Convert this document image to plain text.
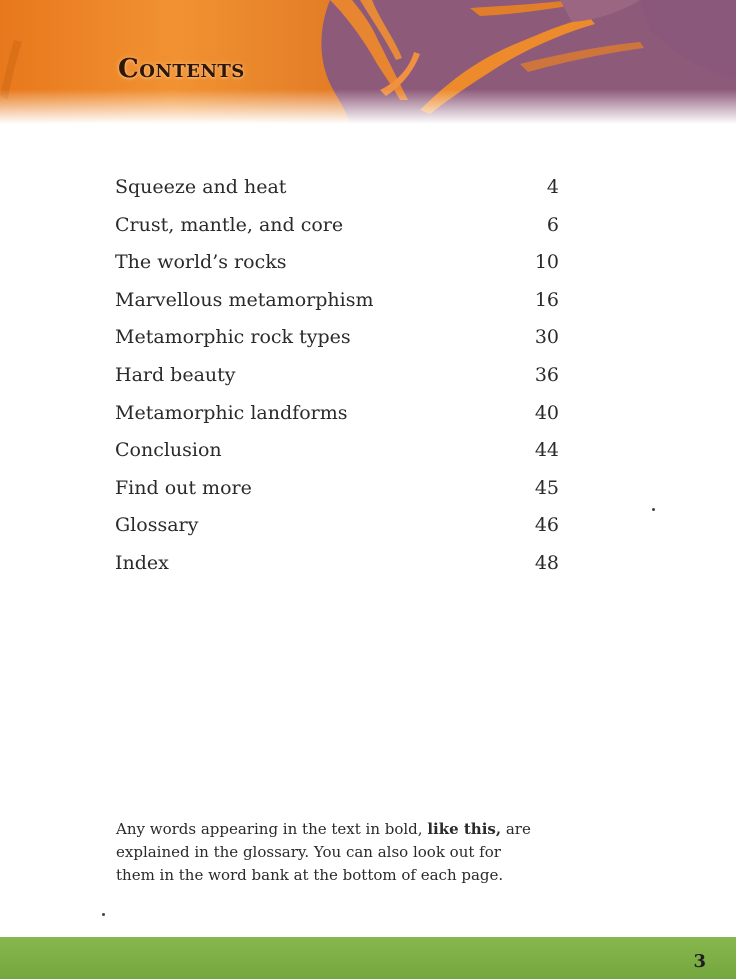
Contents
Squeeze and heat	4
Crust, mantle, and core	6
The world’s rocks	10
Marvellous metamorphism	16
Metamorphic rock types	30
Hard beauty	36
Metamorphic landforms	40
Conclusion	44
Find out more	45
Glossary	46
Index	48

Any words appearing in the text in bold, like this, are explained in the glossary. You can also look out for them in the word bank at the bottom of each page.

3
